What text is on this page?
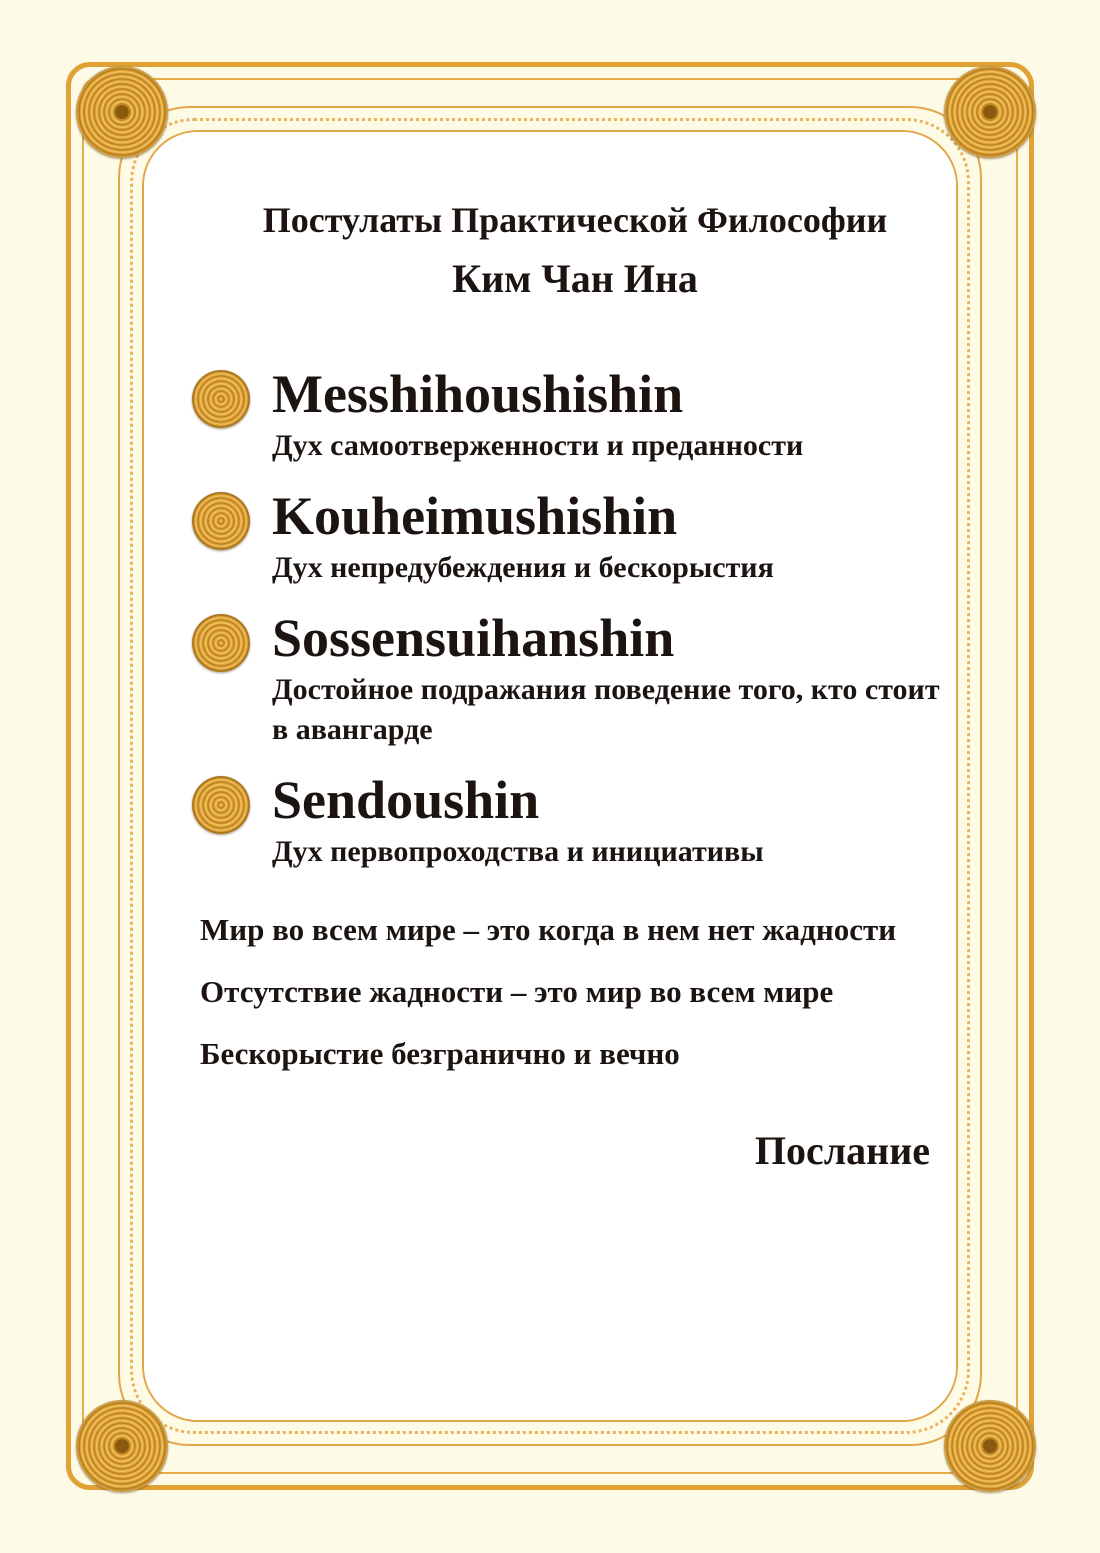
Постулаты Практической Философии
Ким Чан Ина
Messhihoushishin
Дух самоотверженности и преданности
Kouheimushishin
Дух непредубеждения и бескорыстия
Sossensuihanshin
Достойное подражания поведение того, кто стоит в авангарде
Sendoushin
Дух первопроходства и инициативы

Мир во всем мире – это когда в нем нет жадности

Отсутствие жадности – это мир во всем мире

Бескорыстие безгранично и вечно

Послание
